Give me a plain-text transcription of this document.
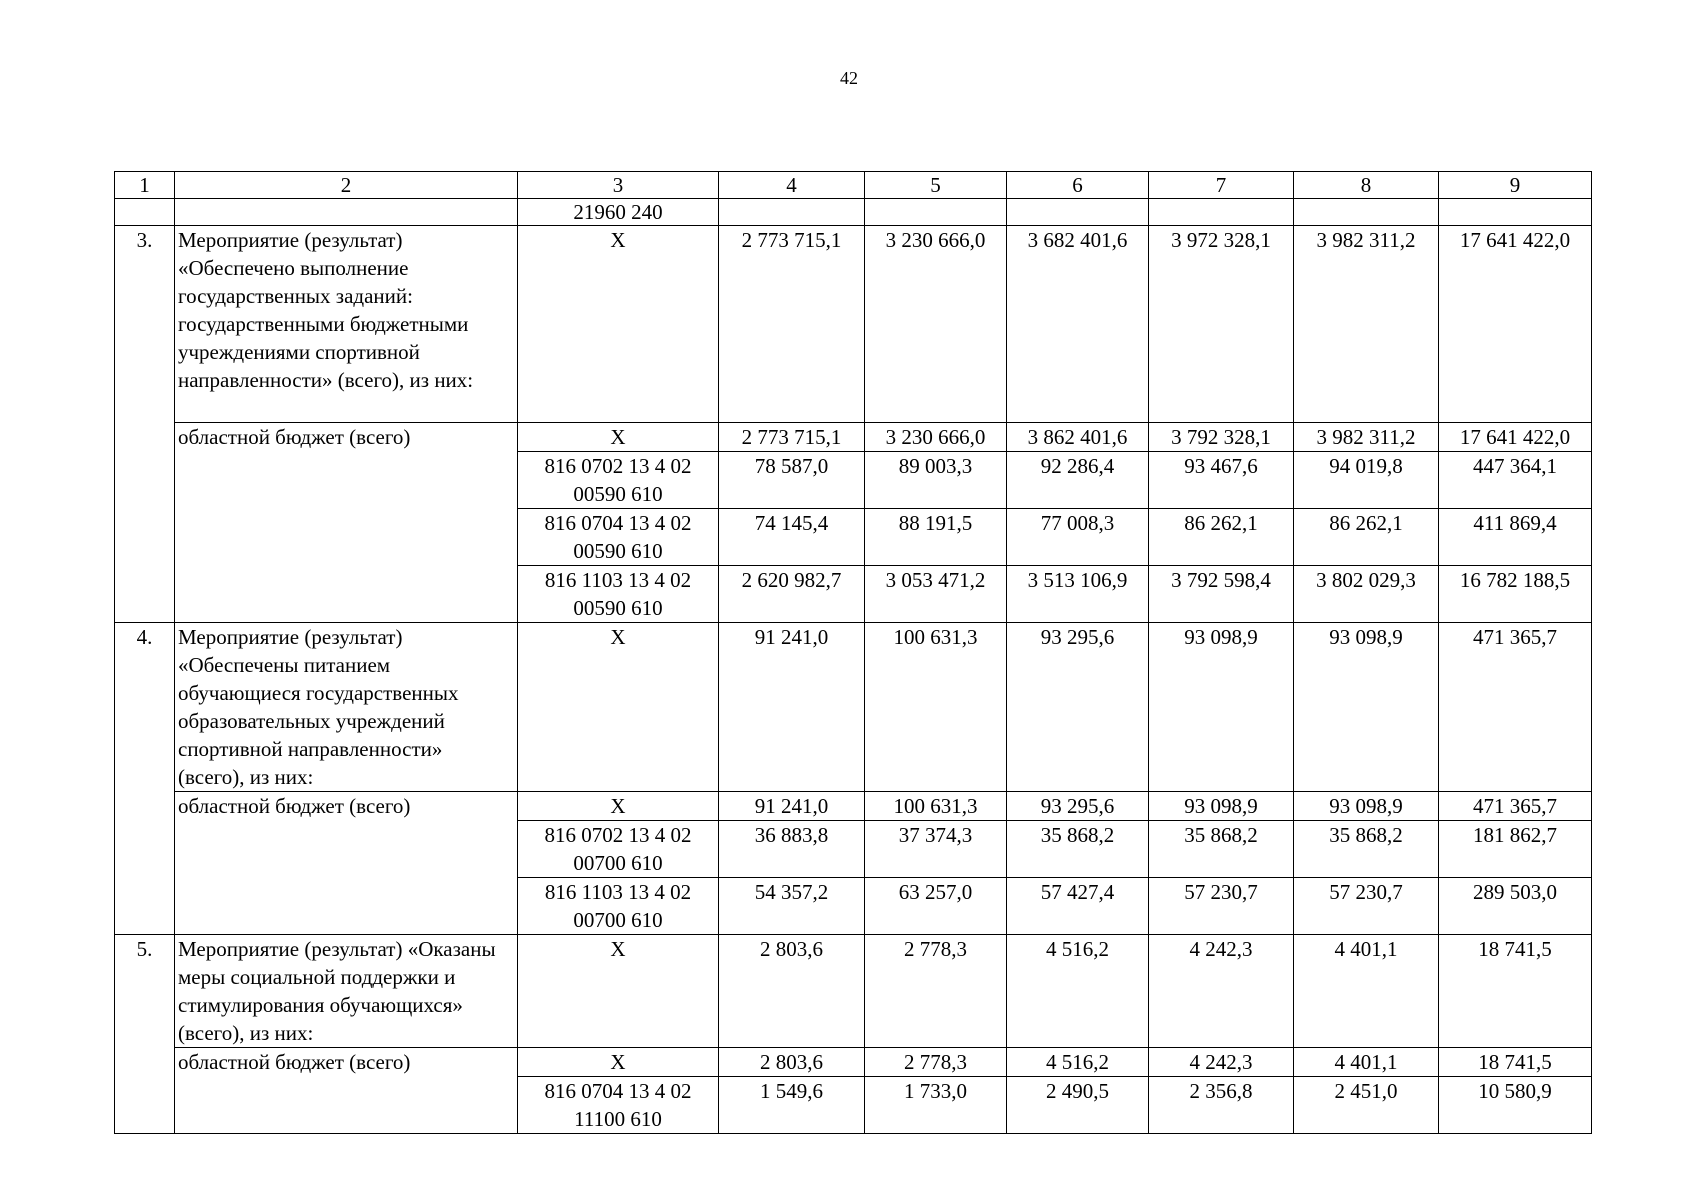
42
1	2	3	4	5	6	7	8	9
		21960 240						
3.	Мероприятие (результат) «Обеспечено выполнение государственных заданий: государственными бюджетными учреждениями спортивной направленности» (всего), из них:	X	2 773 715,1	3 230 666,0	3 682 401,6	3 972 328,1	3 982 311,2	17 641 422,0
	областной бюджет (всего)	X	2 773 715,1	3 230 666,0	3 862 401,6	3 792 328,1	3 982 311,2	17 641 422,0
		816 0702 13 4 02 00590 610	78 587,0	89 003,3	92 286,4	93 467,6	94 019,8	447 364,1
		816 0704 13 4 02 00590 610	74 145,4	88 191,5	77 008,3	86 262,1	86 262,1	411 869,4
		816 1103 13 4 02 00590 610	2 620 982,7	3 053 471,2	3 513 106,9	3 792 598,4	3 802 029,3	16 782 188,5
4.	Мероприятие (результат) «Обеспечены питанием обучающиеся государственных образовательных учреждений спортивной направленности» (всего), из них:	X	91 241,0	100 631,3	93 295,6	93 098,9	93 098,9	471 365,7
	областной бюджет (всего)	X	91 241,0	100 631,3	93 295,6	93 098,9	93 098,9	471 365,7
		816 0702 13 4 02 00700 610	36 883,8	37 374,3	35 868,2	35 868,2	35 868,2	181 862,7
		816 1103 13 4 02 00700 610	54 357,2	63 257,0	57 427,4	57 230,7	57 230,7	289 503,0
5.	Мероприятие (результат) «Оказаны меры социальной поддержки и стимулирования обучающихся» (всего), из них:	X	2 803,6	2 778,3	4 516,2	4 242,3	4 401,1	18 741,5
	областной бюджет (всего)	X	2 803,6	2 778,3	4 516,2	4 242,3	4 401,1	18 741,5
		816 0704 13 4 02 11100 610	1 549,6	1 733,0	2 490,5	2 356,8	2 451,0	10 580,9
